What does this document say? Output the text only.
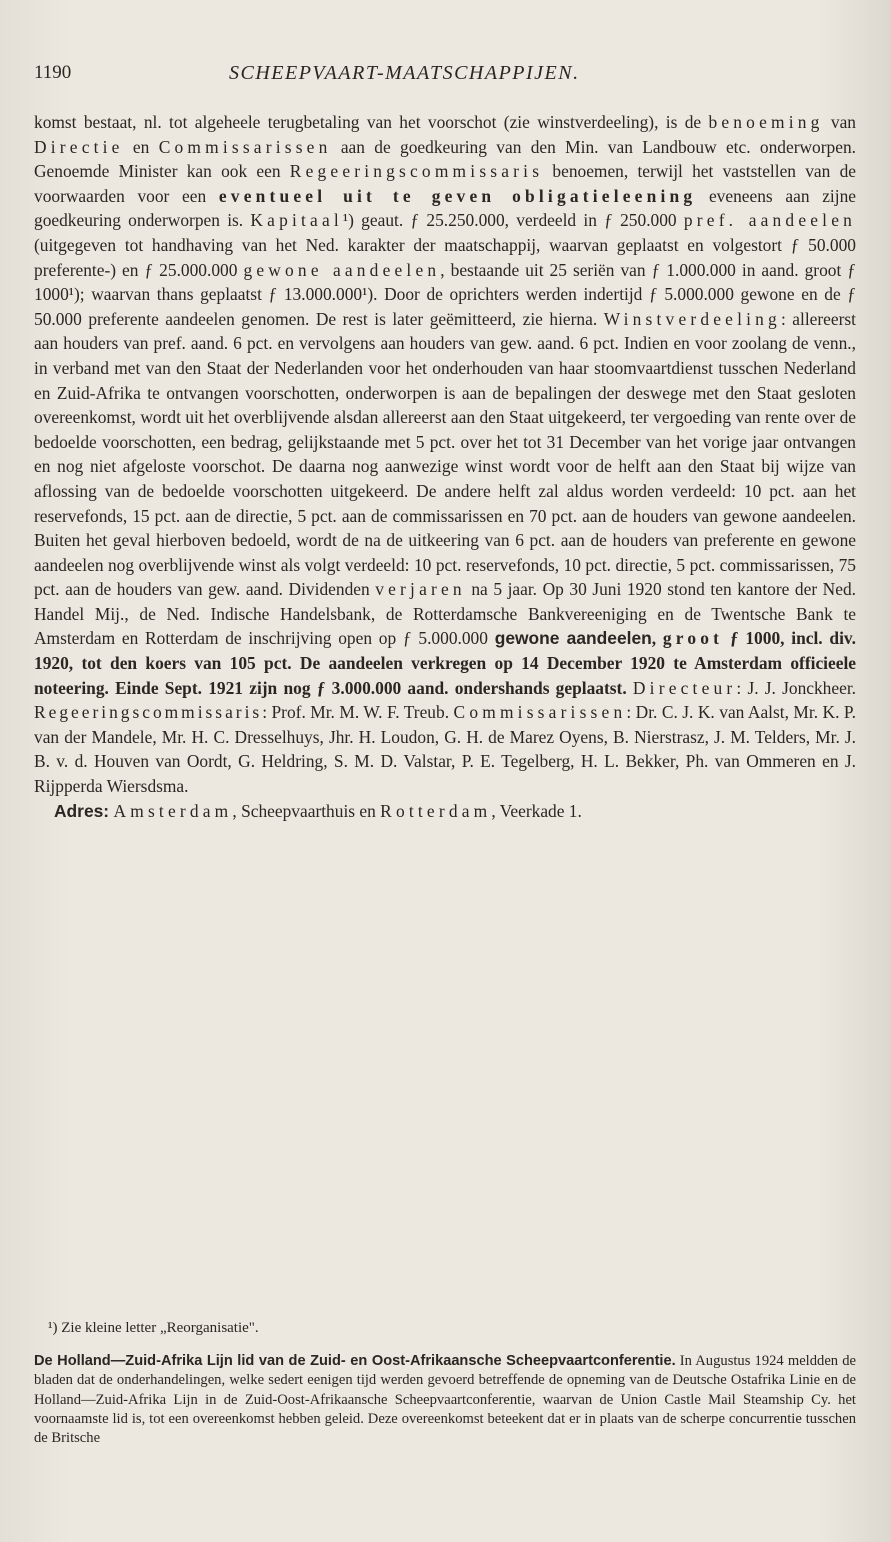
1190	SCHEEPVAART-MAATSCHAPPIJEN.
komst bestaat, nl. tot algeheele terugbetaling van het voorschot (zie winstverdeeling), is de benoeming van Directie en Commissarissen aan de goedkeuring van den Min. van Landbouw etc. onderworpen. Genoemde Minister kan ook een Regeeringscommissaris benoemen, terwijl het vaststellen van de voorwaarden voor een eventueel uit te geven obligatieleening eveneens aan zijne goedkeuring onderworpen is. Kapitaal¹) geaut. ƒ 25.250.000, verdeeld in ƒ 250.000 pref. aandeelen (uitgegeven tot handhaving van het Ned. karakter der maatschappij, waarvan geplaatst en volgestort ƒ 50.000 preferente-) en ƒ 25.000.000 gewone aandeelen, bestaande uit 25 seriën van ƒ 1.000.000 in aand. groot ƒ 1000¹); waarvan thans geplaatst ƒ 13.000.000¹). Door de oprichters werden indertijd ƒ 5.000.000 gewone en de ƒ 50.000 preferente aandeelen genomen. De rest is later geëmitteerd, zie hierna. Winstverdeeling: allereerst aan houders van pref. aand. 6 pct. en vervolgens aan houders van gew. aand. 6 pct. Indien en voor zoolang de venn., in verband met van den Staat der Nederlanden voor het onderhouden van haar stoomvaartdienst tusschen Nederland en Zuid-Afrika te ontvangen voorschotten, onderworpen is aan de bepalingen der deswege met den Staat gesloten overeenkomst, wordt uit het overblijvende alsdan allereerst aan den Staat uitgekeerd, ter vergoeding van rente over de bedoelde voorschotten, een bedrag, gelijkstaande met 5 pct. over het tot 31 December van het vorige jaar ontvangen en nog niet afgeloste voorschot. De daarna nog aanwezige winst wordt voor de helft aan den Staat bij wijze van aflossing van de bedoelde voorschotten uitgekeerd. De andere helft zal aldus worden verdeeld: 10 pct. aan het reservefonds, 15 pct. aan de directie, 5 pct. aan de commissarissen en 70 pct. aan de houders van gewone aandeelen. Buiten het geval hierboven bedoeld, wordt de na de uitkeering van 6 pct. aan de houders van preferente en gewone aandeelen nog overblijvende winst als volgt verdeeld: 10 pct. reservefonds, 10 pct. directie, 5 pct. commissarissen, 75 pct. aan de houders van gew. aand. Dividenden verjaren na 5 jaar. Op 30 Juni 1920 stond ten kantore der Ned. Handel Mij., de Ned. Indische Handelsbank, de Rotterdamsche Bankvereeniging en de Twentsche Bank te Amsterdam en Rotterdam de inschrijving open op ƒ 5.000.000 gewone aandeelen, groot ƒ 1000, incl. div. 1920, tot den koers van 105 pct. De aandeelen verkregen op 14 December 1920 te Amsterdam officieele noteering. Einde Sept. 1921 zijn nog ƒ 3.000.000 aand. ondershands geplaatst. Directeur: J. J. Jonckheer. Regeeringscommissaris: Prof. Mr. M. W. F. Treub. Commissarissen: Dr. C. J. K. van Aalst, Mr. K. P. van der Mandele, Mr. H. C. Dresselhuys, Jhr. H. Loudon, G. H. de Marez Oyens, B. Nierstrasz, J. M. Telders, Mr. J. B. v. d. Houven van Oordt, G. Heldring, S. M. D. Valstar, P. E. Tegelberg, H. L. Bekker, Ph. van Ommeren en J. Rijpperda Wiersdsma.
Adres: Amsterdam, Scheepvaarthuis en Rotterdam, Veerkade 1.
¹) Zie kleine letter „Reorganisatie".
De Holland—Zuid-Afrika Lijn lid van de Zuid- en Oost-Afrikaansche Scheepvaartconferentie. In Augustus 1924 meldden de bladen dat de onderhandelingen, welke sedert eenigen tijd werden gevoerd betreffende de opneming van de Deutsche Ostafrika Linie en de Holland—Zuid-Afrika Lijn in de Zuid-Oost-Afrikaansche Scheepvaartconferentie, waarvan de Union Castle Mail Steamship Cy. het voornaamste lid is, tot een overeenkomst hebben geleid. Deze overeenkomst beteekent dat er in plaats van de scherpe concurrentie tusschen de Britsche
